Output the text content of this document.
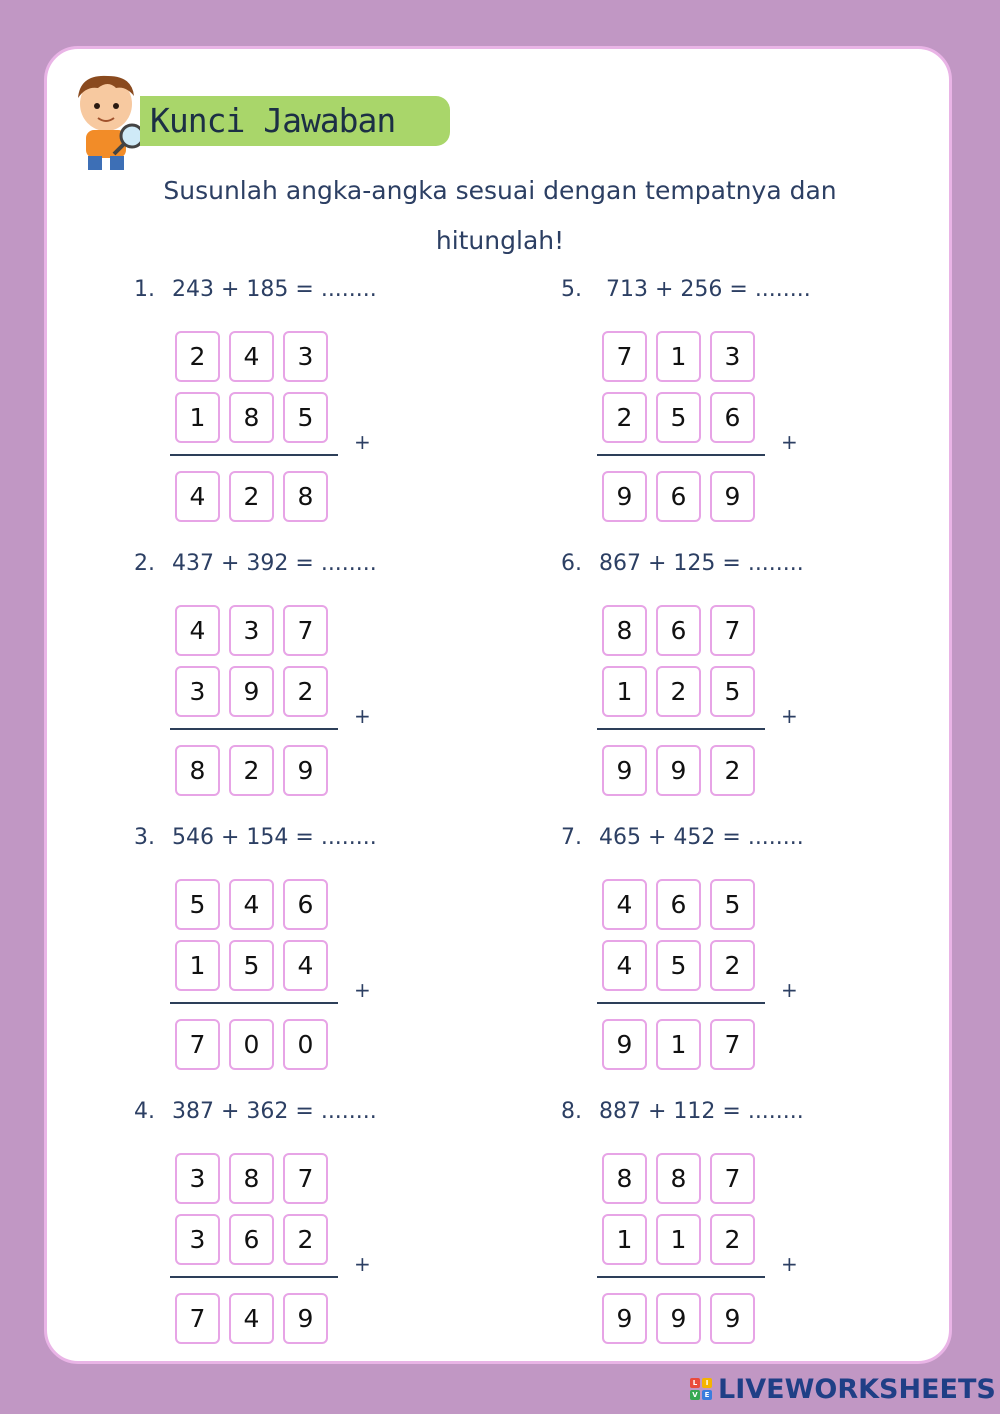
Kunci Jawaban
Susunlah angka-angka sesuai dengan tempatnya dan
hitunglah!
1. 243 + 185 = ........
2	4	3
1	8	5
4	2	8
+
2. 437 + 392 = ........
4	3	7
3	9	2
8	2	9
+
3. 546 + 154 = ........
5	4	6
1	5	4
7	0	0
+
4. 387 + 362 = ........
3	8	7
3	6	2
7	4	9
+
5. 713 + 256 = ........
7	1	3
2	5	6
9	6	9
+
6. 867 + 125 = ........
8	6	7
1	2	5
9	9	2
+
7. 465 + 452 = ........
4	6	5
4	5	2
9	1	7
+
8. 887 + 112 = ........
8	8	7
1	1	2
9	9	9
+
L	I
V E LIVEWORKSHEETS
